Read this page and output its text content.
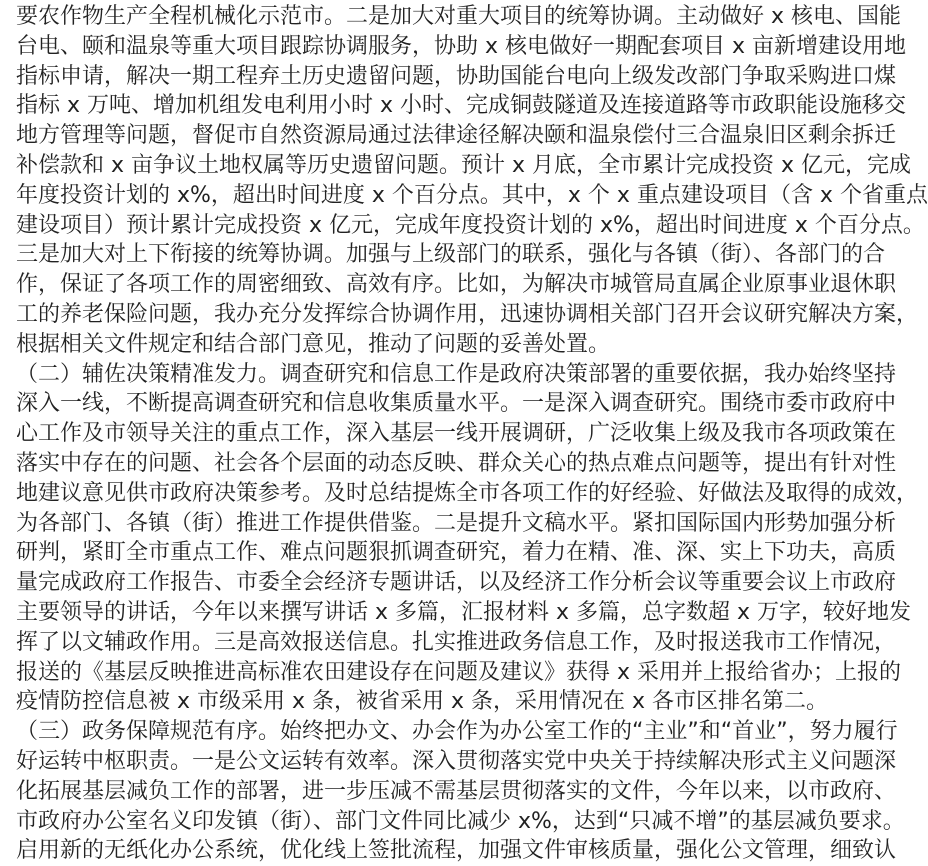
要农作物生产全程机械化示范市。二是加大对重大项目的统筹协调。主动做好 x 核电、国能
台电、颐和温泉等重大项目跟踪协调服务，协助 x 核电做好一期配套项目 x 亩新增建设用地
指标申请，解决一期工程弃土历史遗留问题，协助国能台电向上级发改部门争取采购进口煤
指标 x 万吨、增加机组发电利用小时 x 小时、完成铜鼓隧道及连接道路等市政职能设施移交
地方管理等问题，督促市自然资源局通过法律途径解决颐和温泉偿付三合温泉旧区剩余拆迁
补偿款和 x 亩争议土地权属等历史遗留问题。预计 x 月底，全市累计完成投资 x 亿元，完成
年度投资计划的 x%，超出时间进度 x 个百分点。其中，x 个 x 重点建设项目（含 x 个省重点
建设项目）预计累计完成投资 x 亿元，完成年度投资计划的 x%，超出时间进度 x 个百分点。
三是加大对上下衔接的统筹协调。加强与上级部门的联系，强化与各镇（街）、各部门的合
作，保证了各项工作的周密细致、高效有序。比如，为解决市城管局直属企业原事业退休职
工的养老保险问题，我办充分发挥综合协调作用，迅速协调相关部门召开会议研究解决方案，
根据相关文件规定和结合部门意见，推动了问题的妥善处置。
（二）辅佐决策精准发力。调查研究和信息工作是政府决策部署的重要依据，我办始终坚持
深入一线，不断提高调查研究和信息收集质量水平。一是深入调查研究。围绕市委市政府中
心工作及市领导关注的重点工作，深入基层一线开展调研，广泛收集上级及我市各项政策在
落实中存在的问题、社会各个层面的动态反映、群众关心的热点难点问题等，提出有针对性
地建议意见供市政府决策参考。及时总结提炼全市各项工作的好经验、好做法及取得的成效，
为各部门、各镇（街）推进工作提供借鉴。二是提升文稿水平。紧扣国际国内形势加强分析
研判，紧盯全市重点工作、难点问题狠抓调查研究，着力在精、准、深、实上下功夫，高质
量完成政府工作报告、市委全会经济专题讲话，以及经济工作分析会议等重要会议上市政府
主要领导的讲话，今年以来撰写讲话 x 多篇，汇报材料 x 多篇，总字数超 x 万字，较好地发
挥了以文辅政作用。三是高效报送信息。扎实推进政务信息工作，及时报送我市工作情况，
报送的《基层反映推进高标准农田建设存在问题及建议》获得 x 采用并上报给省办；上报的
疫情防控信息被 x 市级采用 x 条，被省采用 x 条，采用情况在 x 各市区排名第二。
（三）政务保障规范有序。始终把办文、办会作为办公室工作的“主业”和“首业”，努力履行
好运转中枢职责。一是公文运转有效率。深入贯彻落实党中央关于持续解决形式主义问题深
化拓展基层减负工作的部署，进一步压减不需基层贯彻落实的文件，今年以来，以市政府、
市政府办公室名义印发镇（街）、部门文件同比减少 x%，达到“只减不增”的基层减负要求。
启用新的无纸化办公系统，优化线上签批流程，加强文件审核质量，强化公文管理，细致认
